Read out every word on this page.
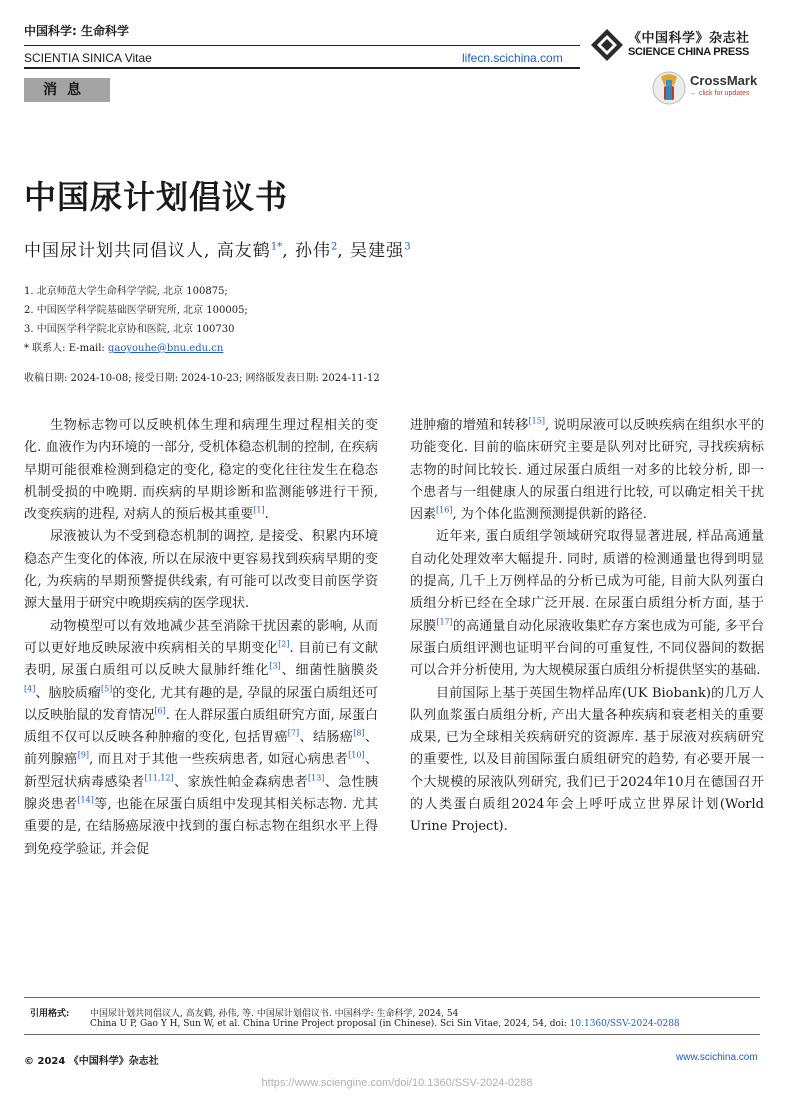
中国科学: 生命科学
SCIENTIA SINICA Vitae	lifecn.scichina.com
《中国科学》杂志社
SCIENCE CHINA PRESS
消息
CrossMark
← click for updates
中国尿计划倡议书
中国尿计划共同倡议人, 高友鹤$^{1*}$, 孙伟$^2$, 吴建强$^3$
1. 北京师范大学生命科学学院, 北京 100875;
2. 中国医学科学院基础医学研究所, 北京 100005;
3. 中国医学科学院北京协和医院, 北京 100730
* 联系人: E-mail: gaoyouhe@bnu.edu.cn
收稿日期: 2024-10-08; 接受日期: 2024-10-23; 网络版发表日期: 2024-11-12

生物标志物可以反映机体生理和病理生理过程相关的变化. 血液作为内环境的一部分, 受机体稳态机制的控制, 在疾病早期可能很难检测到稳定的变化, 稳定的变化往往发生在稳态机制受损的中晚期. 而疾病的早期诊断和监测能够进行干预, 改变疾病的进程, 对病人的预后极其重要[1].

尿液被认为不受到稳态机制的调控, 是接受、积累内环境稳态产生变化的体液, 所以在尿液中更容易找到疾病早期的变化, 为疾病的早期预警提供线索, 有可能可以改变目前医学资源大量用于研究中晚期疾病的医学现状.

动物模型可以有效地减少甚至消除干扰因素的影响, 从而可以更好地反映尿液中疾病相关的早期变化[2]. 目前已有文献表明, 尿蛋白质组可以反映大鼠肺纤维化[3]、细菌性脑膜炎[4]、脑胶质瘤[5]的变化, 尤其有趣的是, 孕鼠的尿蛋白质组还可以反映胎鼠的发育情况[6]. 在人群尿蛋白质组研究方面, 尿蛋白质组不仅可以反映各种肿瘤的变化, 包括胃癌[7]、结肠癌[8]、前列腺癌[9], 而且对于其他一些疾病患者, 如冠心病患者[10]、新型冠状病毒感染者[11,12]、家族性帕金森病患者[13]、急性胰腺炎患者[14]等, 也能在尿蛋白质组中发现其相关标志物. 尤其重要的是, 在结肠癌尿液中找到的蛋白标志物在组织水平上得到免疫学验证, 并会促

进肿瘤的增殖和转移[15], 说明尿液可以反映疾病在组织水平的功能变化. 目前的临床研究主要是队列对比研究, 寻找疾病标志物的时间比较长. 通过尿蛋白质组一对多的比较分析, 即一个患者与一组健康人的尿蛋白组进行比较, 可以确定相关干扰因素[16], 为个体化监测预测提供新的路径.

近年来, 蛋白质组学领域研究取得显著进展, 样品高通量自动化处理效率大幅提升. 同时, 质谱的检测通量也得到明显的提高, 几千上万例样品的分析已成为可能, 目前大队列蛋白质组分析已经在全球广泛开展. 在尿蛋白质组分析方面, 基于尿膜[17]的高通量自动化尿液收集贮存方案也成为可能, 多平台尿蛋白质组评测也证明平台间的可重复性, 不同仪器间的数据可以合并分析使用, 为大规模尿蛋白质组分析提供坚实的基础.

目前国际上基于英国生物样品库(UK Biobank)的几万人队列血浆蛋白质组分析, 产出大量各种疾病和衰老相关的重要成果, 已为全球相关疾病研究的资源库. 基于尿液对疾病研究的重要性, 以及目前国际蛋白质组研究的趋势, 有必要开展一个大规模的尿液队列研究, 我们已于2024年10月在德国召开的人类蛋白质组2024年会上呼吁成立世界尿计划(World Urine Project).

引用格式: 中国尿计划共同倡议人, 高友鹤, 孙伟, 等. 中国尿计划倡议书. 中国科学: 生命科学, 2024, 54
China U P, Gao Y H, Sun W, et al. China Urine Project proposal (in Chinese). Sci Sin Vitae, 2024, 54, doi: 10.1360/SSV-2024-0288
© 2024 《中国科学》杂志社	www.scichina.com
https://www.sciengine.com/doi/10.1360/SSV-2024-0288
